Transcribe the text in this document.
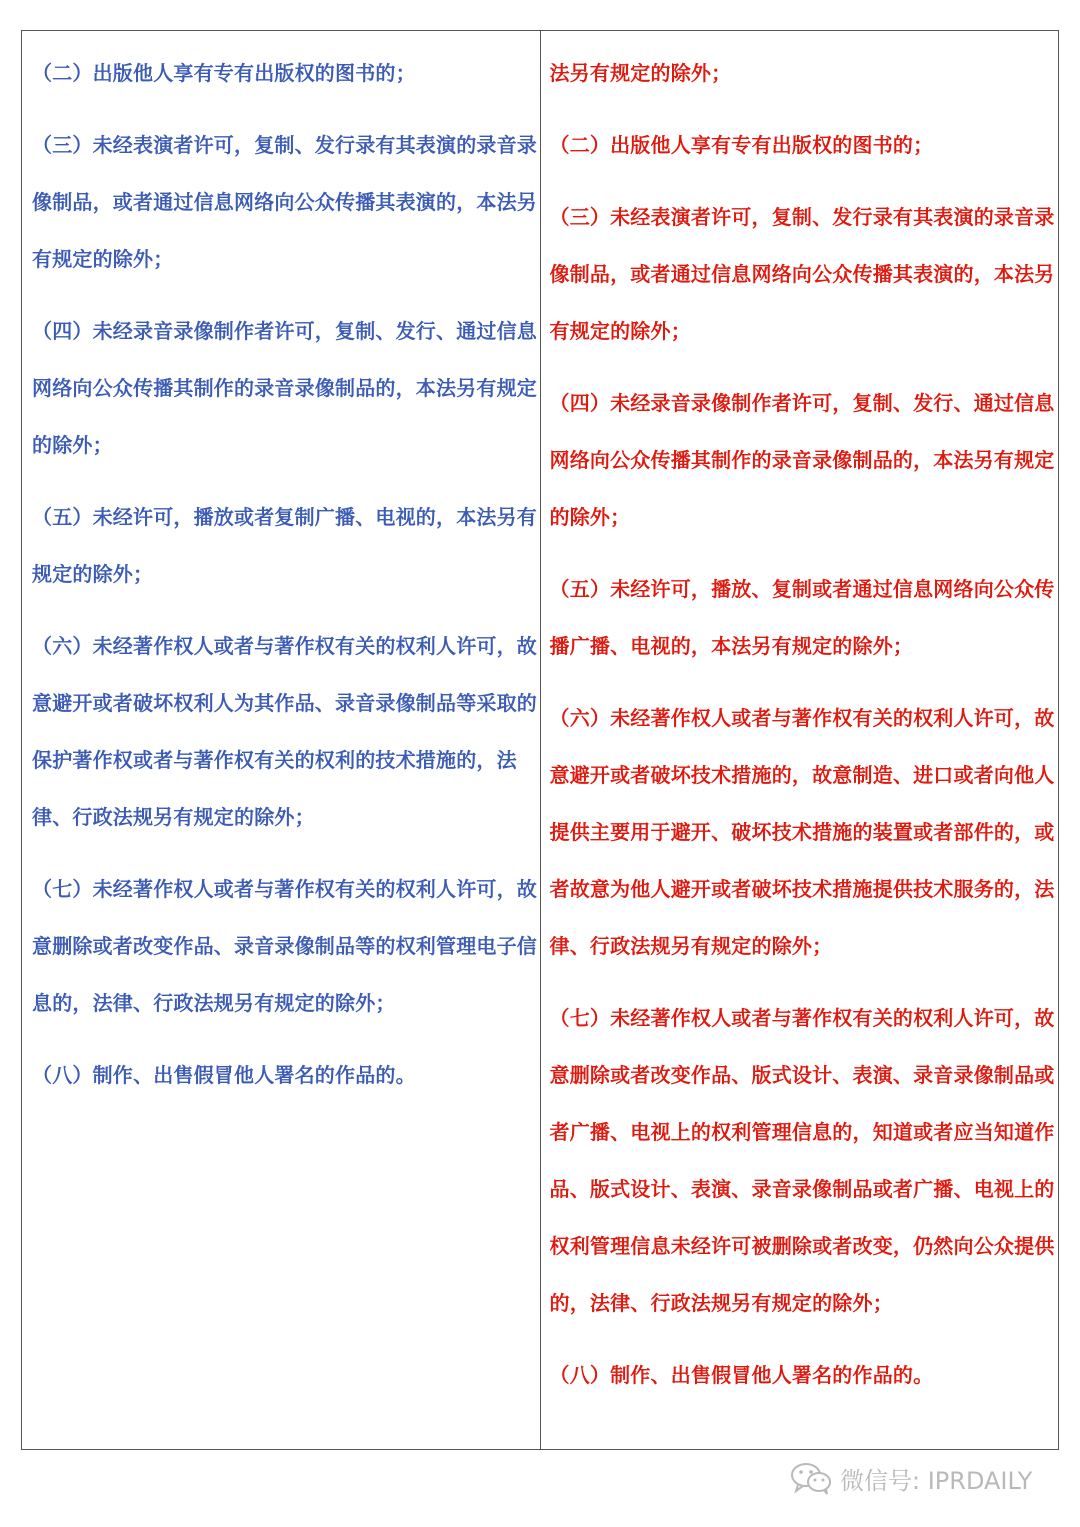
（二）出版他人享有专有出版权的图书的；

（三）未经表演者许可，复制、发行录有其表演的录音录像制品，或者通过信息网络向公众传播其表演的，本法另有规定的除外；

（四）未经录音录像制作者许可，复制、发行、通过信息网络向公众传播其制作的录音录像制品的，本法另有规定的除外；

（五）未经许可，播放或者复制广播、电视的，本法另有规定的除外；

（六）未经著作权人或者与著作权有关的权利人许可，故意避开或者破坏权利人为其作品、录音录像制品等采取的保护著作权或者与著作权有关的权利的技术措施的，法律、行政法规另有规定的除外；

（七）未经著作权人或者与著作权有关的权利人许可，故意删除或者改变作品、录音录像制品等的权利管理电子信息的，法律、行政法规另有规定的除外；

（八）制作、出售假冒他人署名的作品的。

法另有规定的除外；

（二）出版他人享有专有出版权的图书的；

（三）未经表演者许可，复制、发行录有其表演的录音录像制品，或者通过信息网络向公众传播其表演的，本法另有规定的除外；

（四）未经录音录像制作者许可，复制、发行、通过信息网络向公众传播其制作的录音录像制品的，本法另有规定的除外；

（五）未经许可，播放、复制或者通过信息网络向公众传播广播、电视的，本法另有规定的除外；

（六）未经著作权人或者与著作权有关的权利人许可，故意避开或者破坏技术措施的，故意制造、进口或者向他人提供主要用于避开、破坏技术措施的装置或者部件的，或者故意为他人避开或者破坏技术措施提供技术服务的，法律、行政法规另有规定的除外；

（七）未经著作权人或者与著作权有关的权利人许可，故意删除或者改变作品、版式设计、表演、录音录像制品或者广播、电视上的权利管理信息的，知道或者应当知道作品、版式设计、表演、录音录像制品或者广播、电视上的权利管理信息未经许可被删除或者改变，仍然向公众提供的，法律、行政法规另有规定的除外；

（八）制作、出售假冒他人署名的作品的。

微信号: IPRDAILY
